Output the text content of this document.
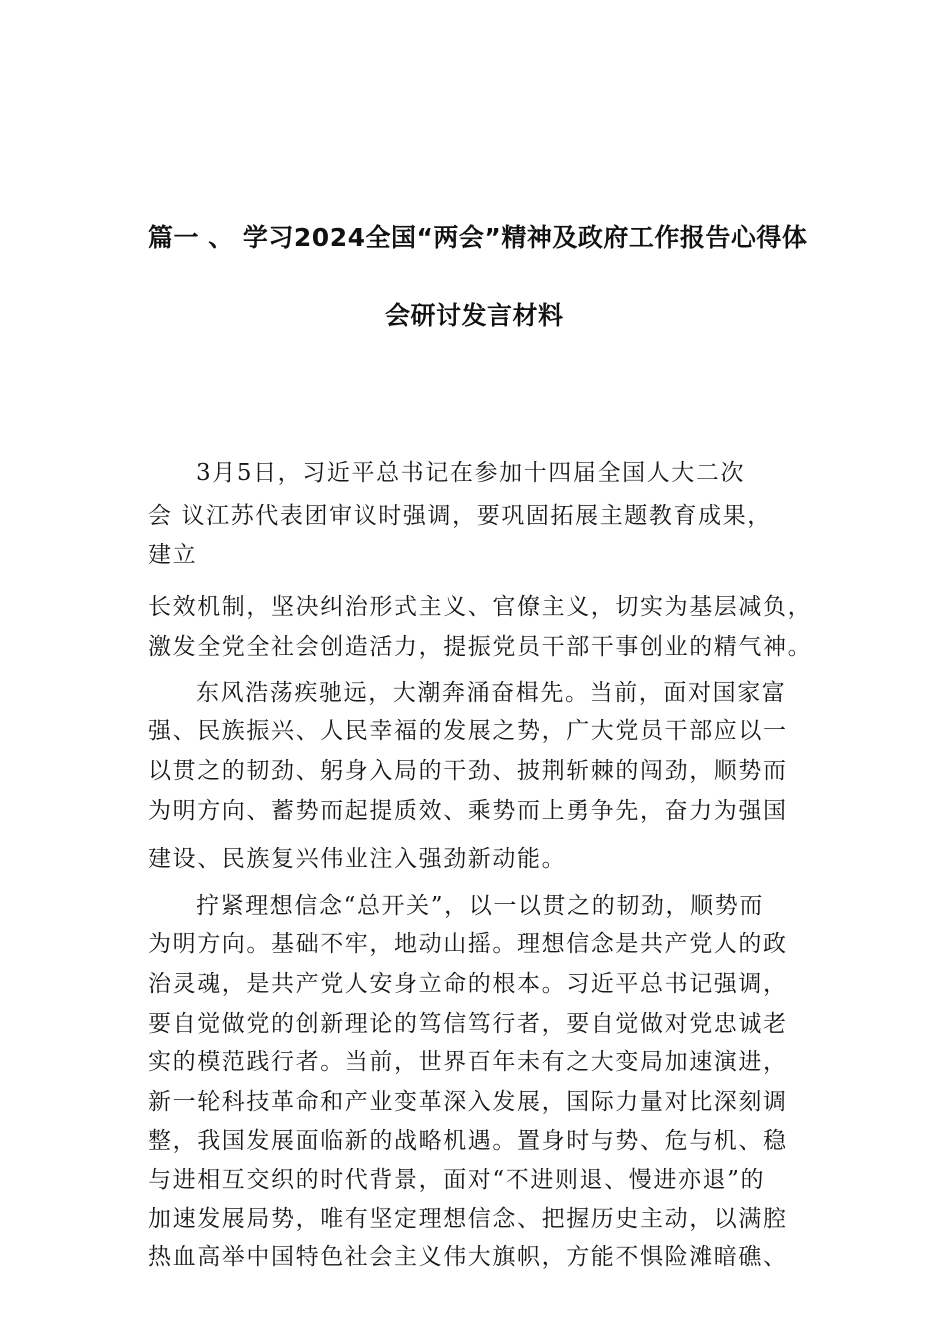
篇一 、 学习2024全国“两会”精神及政府工作报告心得体
会研讨发言材料
3月5日，习近平总书记在参加十四届全国人大二次
会 议江苏代表团审议时强调，要巩固拓展主题教育成果，
建立
长效机制，坚决纠治形式主义、官僚主义，切实为基层减负，
激发全党全社会创造活力，提振党员干部干事创业的精气神。
东风浩荡疾驰远，大潮奔涌奋楫先。当前，面对国家富
强、民族振兴、人民幸福的发展之势，广大党员干部应以一
以贯之的韧劲、躬身入局的干劲、披荆斩棘的闯劲，顺势而
为明方向、蓄势而起提质效、乘势而上勇争先，奋力为强国
建设、民族复兴伟业注入强劲新动能。
拧紧理想信念“总开关”，以一以贯之的韧劲，顺势而
为明方向。基础不牢，地动山摇。理想信念是共产党人的政
治灵魂，是共产党人安身立命的根本。习近平总书记强调，
要自觉做党的创新理论的笃信笃行者，要自觉做对党忠诚老
实的模范践行者。当前，世界百年未有之大变局加速演进，
新一轮科技革命和产业变革深入发展，国际力量对比深刻调
整，我国发展面临新的战略机遇。置身时与势、危与机、稳
与进相互交织的时代背景，面对“不进则退、慢进亦退”的
加速发展局势，唯有坚定理想信念、把握历史主动，以满腔
热血高举中国特色社会主义伟大旗帜，方能不惧险滩暗礁、
